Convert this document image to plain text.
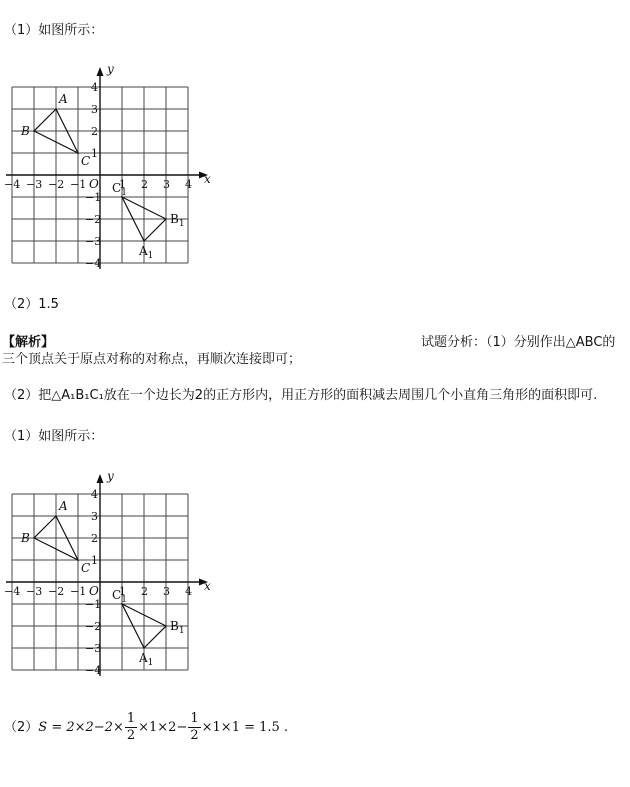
（1）如图所示：
x
y
O
−4 −3 −2 −1	1 2 3 4
4
3
2
1
−1
−2
−3
−4
A
B
C
$A_1$
$B_1$
$C_1$
（2）1.5
【解析】	试题分析：（1）分别作出△ABC的
三个顶点关于原点对称的对称点，再顺次连接即可；
（2）把△A₁B₁C₁放在一个边长为2的正方形内，用正方形的面积减去周围几个小直角三角形的面积即可.
（1）如图所示：
x
y
O
−4 −3 −2 −1	1 2 3 4
4
3
2
1
−1
−2
−3
−4
A
B
C
$A_1$
$B_1$
$C_1$
$(2)S = 2\times 2-2\times \frac{1}{2} \times 1\times 2- \frac{1}{2} \times 1\times 1 = 1.5$ .
